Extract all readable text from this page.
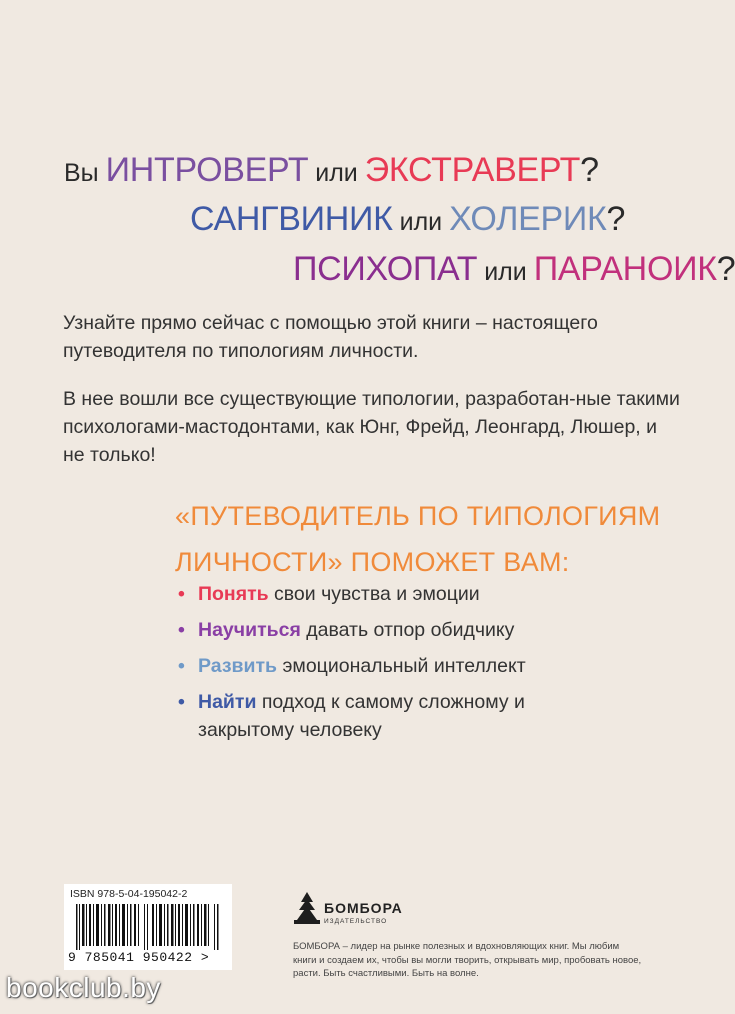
Вы ИНТРОВЕРТ или ЭКСТРАВЕРТ?
САНГВИНИК или ХОЛЕРИК?
ПСИХОПАТ или ПАРАНОИК?
Узнайте прямо сейчас с помощью этой книги – настоящего путеводителя по типологиям личности.
В нее вошли все существующие типологии, разработан-ные такими психологами-мастодонтами, как Юнг, Фрейд, Леонгард, Люшер, и не только!
«ПУТЕВОДИТЕЛЬ ПО ТИПОЛОГИЯМ
ЛИЧНОСТИ» ПОМОЖЕТ ВАМ:
• Понять свои чувства и эмоции
• Научиться давать отпор обидчику
• Развить эмоциональный интеллект
• Найти подход к самому сложному и закрытому человеку
ISBN 978-5-04-195042-2
9 785041 950422 >
БОМБОРА
ИЗДАТЕЛЬСТВО
БОМБОРА – лидер на рынке полезных и вдохновляющих книг. Мы любим книги и создаем их, чтобы вы могли творить, открывать мир, пробовать новое, расти. Быть счастливыми. Быть на волне.
bookclub.by
